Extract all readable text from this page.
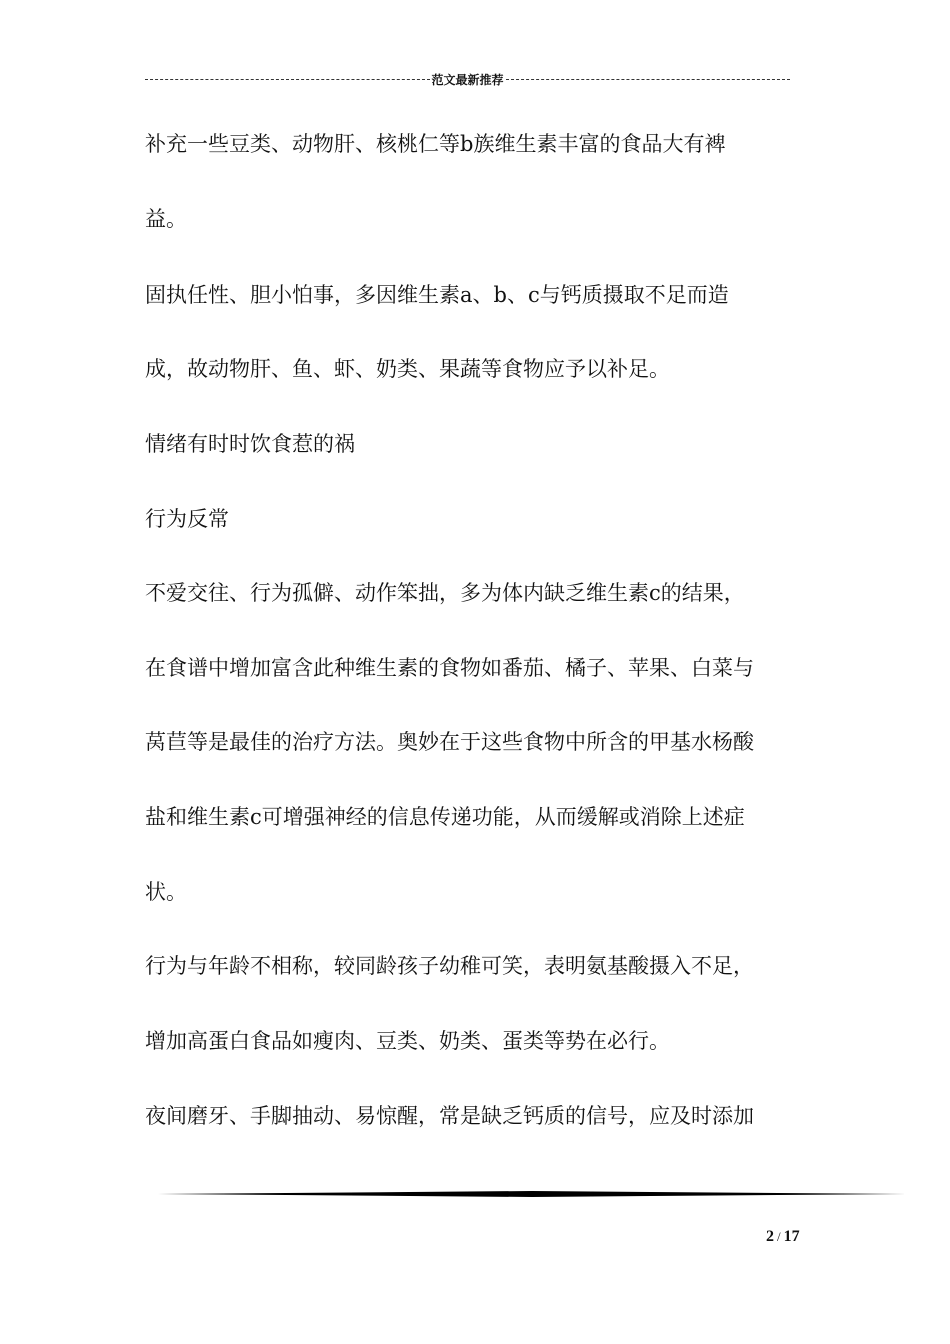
范文最新推荐
补充一些豆类、动物肝、核桃仁等b族维生素丰富的食品大有裨
益。
固执任性、胆小怕事，多因维生素a、b、c与钙质摄取不足而造
成，故动物肝、鱼、虾、奶类、果蔬等食物应予以补足。
情绪有时时饮食惹的祸
行为反常
不爱交往、行为孤僻、动作笨拙，多为体内缺乏维生素c的结果，
在食谱中增加富含此种维生素的食物如番茄、橘子、苹果、白菜与
莴苣等是最佳的治疗方法。奥妙在于这些食物中所含的甲基水杨酸
盐和维生素c可增强神经的信息传递功能，从而缓解或消除上述症
状。
行为与年龄不相称，较同龄孩子幼稚可笑，表明氨基酸摄入不足，
增加高蛋白食品如瘦肉、豆类、奶类、蛋类等势在必行。
夜间磨牙、手脚抽动、易惊醒，常是缺乏钙质的信号，应及时添加
2 / 17
